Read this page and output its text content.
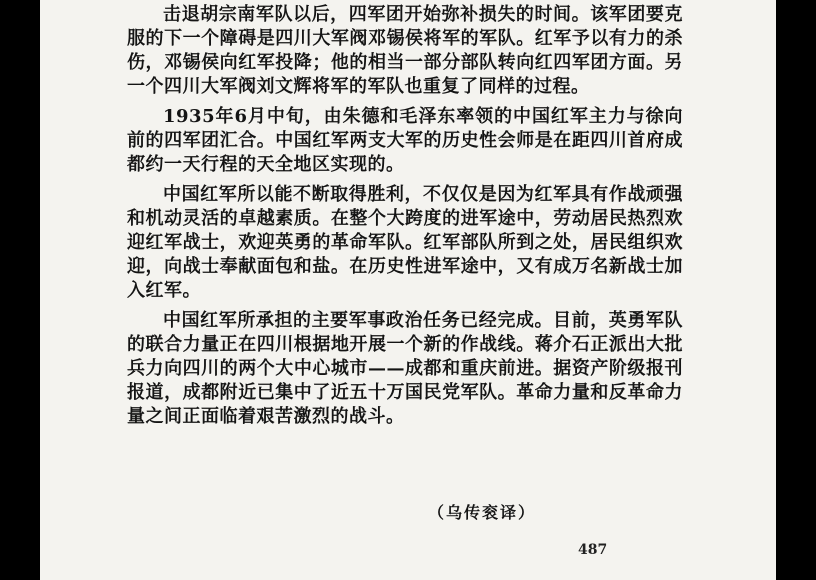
击退胡宗南军队以后，四军团开始弥补损失的时间。该军团要克服的下一个障碍是四川大军阀邓锡侯将军的军队。红军予以有力的杀伤，邓锡侯向红军投降；他的相当一部分部队转向红四军团方面。另一个四川大军阀刘文辉将军的军队也重复了同样的过程。

1935年6月中旬，由朱德和毛泽东率领的中国红军主力与徐向前的四军团汇合。中国红军两支大军的历史性会师是在距四川首府成都约一天行程的天全地区实现的。

中国红军所以能不断取得胜利，不仅仅是因为红军具有作战顽强和机动灵活的卓越素质。在整个大跨度的进军途中，劳动居民热烈欢迎红军战士，欢迎英勇的革命军队。红军部队所到之处，居民组织欢迎，向战士奉献面包和盐。在历史性进军途中，又有成万名新战士加入红军。

中国红军所承担的主要军事政治任务已经完成。目前，英勇军队的联合力量正在四川根据地开展一个新的作战线。蒋介石正派出大批兵力向四川的两个大中心城市——成都和重庆前进。据资产阶级报刊报道，成都附近已集中了近五十万国民党军队。革命力量和反革命力量之间正面临着艰苦激烈的战斗。

（乌传衮译）
487
